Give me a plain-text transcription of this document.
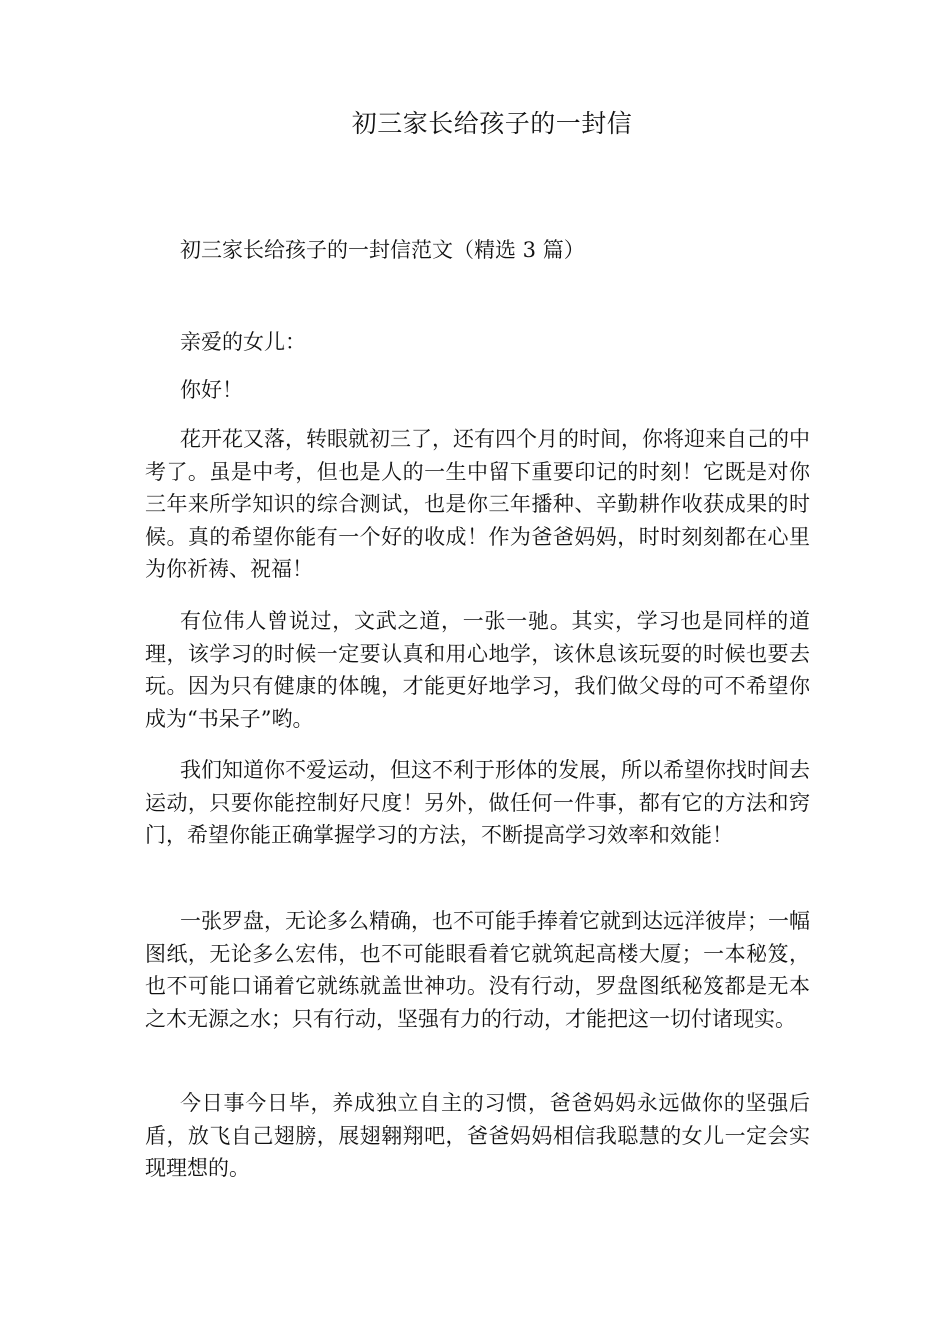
初三家长给孩子的一封信

初三家长给孩子的一封信范文（精选 3 篇）

亲爱的女儿：

你好！

花开花又落，转眼就初三了，还有四个月的时间，你将迎来自己的中考了。虽是中考，但也是人的一生中留下重要印记的时刻！它既是对你三年来所学知识的综合测试，也是你三年播种、辛勤耕作收获成果的时候。真的希望你能有一个好的收成！作为爸爸妈妈，时时刻刻都在心里为你祈祷、祝福！

有位伟人曾说过，文武之道，一张一驰。其实，学习也是同样的道理，该学习的时候一定要认真和用心地学，该休息该玩耍的时候也要去玩。因为只有健康的体魄，才能更好地学习，我们做父母的可不希望你成为“书呆子”哟。

我们知道你不爱运动，但这不利于形体的发展，所以希望你找时间去运动，只要你能控制好尺度！另外，做任何一件事，都有它的方法和窍门，希望你能正确掌握学习的方法，不断提高学习效率和效能！

一张罗盘，无论多么精确，也不可能手捧着它就到达远洋彼岸；一幅图纸，无论多么宏伟，也不可能眼看着它就筑起高楼大厦；一本秘笈，也不可能口诵着它就练就盖世神功。没有行动，罗盘图纸秘笈都是无本之木无源之水；只有行动，坚强有力的行动，才能把这一切付诸现实。

今日事今日毕，养成独立自主的习惯，爸爸妈妈永远做你的坚强后盾，放飞自己翅膀，展翅翱翔吧，爸爸妈妈相信我聪慧的女儿一定会实现理想的。
